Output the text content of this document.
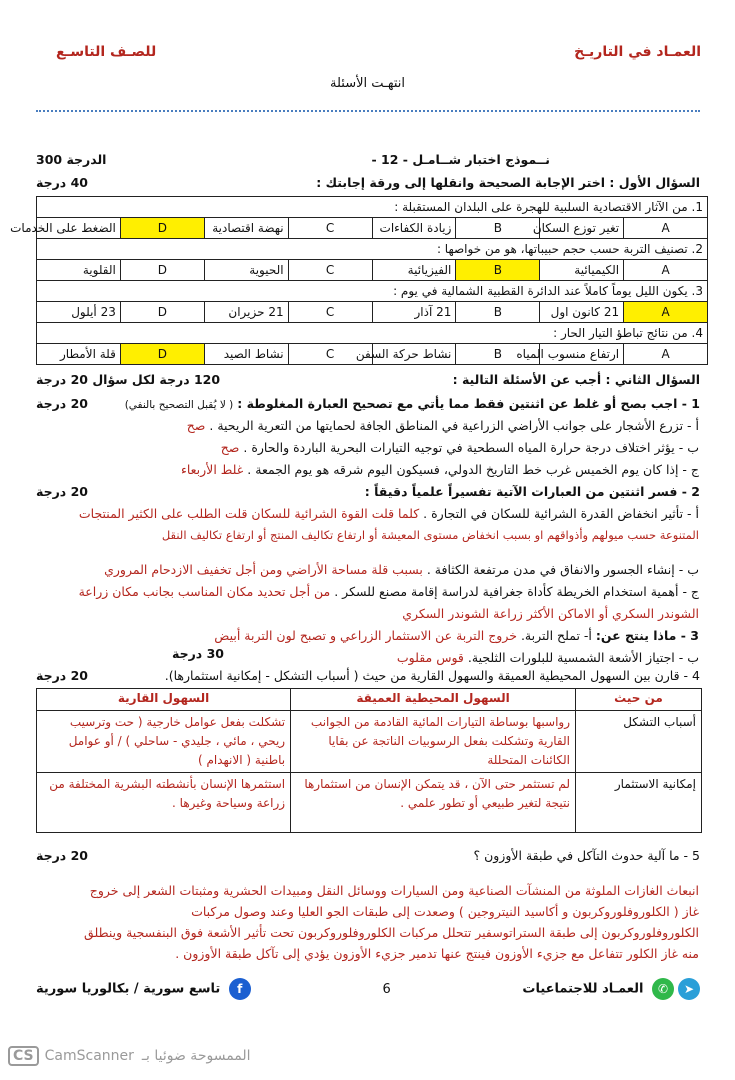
العمـاد في التاريـخ
للصـف التاسـع
انتهـت الأسئلة
نــموذج اختبار شــامـل - 12 -
الدرجة 300
السؤال الأول : اختر الإجابة الصحيحة وانقلها إلى ورقة إجابتك :
40 درجة
1. من الآثار الاقتصادية السلبية للهجرة على البلدان المستقبلة :							
A	تغير توزع السكان	B	زيادة الكفاءات	C	نهضة اقتصادية	D	الضغط على الخدمات
2. تصنيف التربة حسب حجم حبيباتها، هو من خواصها :							
A	الكيميائية	B	الفيزيائية	C	الحيوية	D	القلوية
3. يكون الليل يوماً كاملاً عند الدائرة القطبية الشمالية في يوم :							
A	21 كانون اول	B	21 آذار	C	21 حزيران	D	23 أيلول
4. من نتائج تباطؤ التيار الحار :							
A	ارتفاع منسوب المياه	B	نشاط حركة السفن	C	نشاط الصيد	D	قلة الأمطار
السؤال الثاني : أجب عن الأسئلة التالية :
120 درجة لكل سؤال 20 درجة
1 - اجب بصح أو غلط عن اثنتين فقط مما يأتي مع تصحيح العبارة المغلوطة : ( لا يُقبل التصحيح بالنفي)
20 درجة
أ - تزرع الأشجار على جوانب الأراضي الزراعية في المناطق الجافة لحمايتها من التعرية الريحية . صح
ب - يؤثر اختلاف درجة حرارة المياه السطحية في توجيه التيارات البحرية الباردة والحارة . صح
ج - إذا كان يوم الخميس غرب خط التاريخ الدولي، فسيكون اليوم شرقه هو يوم الجمعة . غلط الأربعاء
2 - فسر اثنتين من العبارات الآتية تفسيراً علمياً دقيقاً :
20 درجة
أ - تأثير انخفاض القدرة الشرائية للسكان في التجارة . كلما قلت القوة الشرائية للسكان قلت الطلب على الكثير المنتجات
المتنوعة حسب ميولهم وأذواقهم او بسبب انخفاض مستوى المعيشة أو ارتفاع تكاليف المنتج أو ارتفاع تكاليف النقل
ب - إنشاء الجسور والانفاق في مدن مرتفعة الكثافة . بسبب قلة مساحة الأراضي ومن أجل تخفيف الازدحام المروري
ج - أهمية استخدام الخريطة كأداة جغرافية لدراسة إقامة مصنع للسكر . من أجل تحديد مكان المناسب بجانب مكان زراعة
الشوندر السكري أو الاماكن الأكثر زراعة الشوندر السكري
3 - ماذا ينتج عن: أ- تملح التربة. خروج التربة عن الاستثمار الزراعي و تصبح لون التربة أبيض
ب - اجتياز الأشعة الشمسية للبلورات الثلجية. قوس مقلوب
30 درجة
4 - قارن بين السهول المحيطية العميقة والسهول القارية من حيث ( أسباب التشكل - إمكانية استثمارها).
20 درجة
من حيث	السهول المحيطية العميقة	السهول القارية
أسباب التشكل	رواسبها بوساطة التيارات المائية القادمة من الجوانب القارية وتشكلت بفعل الرسوبيات الناتجة عن بقايا الكائنات المتحللة	تشكلت بفعل عوامل خارجية ( حت وترسيب ريحي ، مائي ، جليدي - ساحلي ) / أو عوامل باطنية ( الانهدام )
إمكانية الاستثمار	لم تستثمر حتى الآن ، قد يتمكن الإنسان من استثمارها نتيجة لتغير طبيعي أو تطور علمي .	استثمرها الإنسان بأنشطته البشرية المختلفة من زراعة وسياحة وغيرها .
5 - ما آلية حدوث التآكل في طبقة الأوزون ؟
20 درجة
انبعاث الغازات الملوثة من المنشآت الصناعية ومن السيارات ووسائل النقل ومبيدات الحشرية ومثبتات الشعر إلى خروج
غاز ( الكلوروفلوروكربون و أكاسيد النيتروجين ) وصعدت إلى طبقات الجو العليا وعند وصول مركبات
الكلوروفلوروكربون إلى طبقة الستراتوسفير تتحلل مركبات الكلوروفلوروكربون تحت تأثير الأشعة فوق البنفسجية وينطلق
منه غاز الكلور تتفاعل مع جزيء الأوزون فينتج عنها تدمير جزيء الأوزون يؤدي إلى تآكل طبقة الأوزون .
➤✆ العمـاد للاجتماعيات
6
f تاسع سورية / بكالوريا سورية
CS CamScanner الممسوحة ضوئيا بـ
